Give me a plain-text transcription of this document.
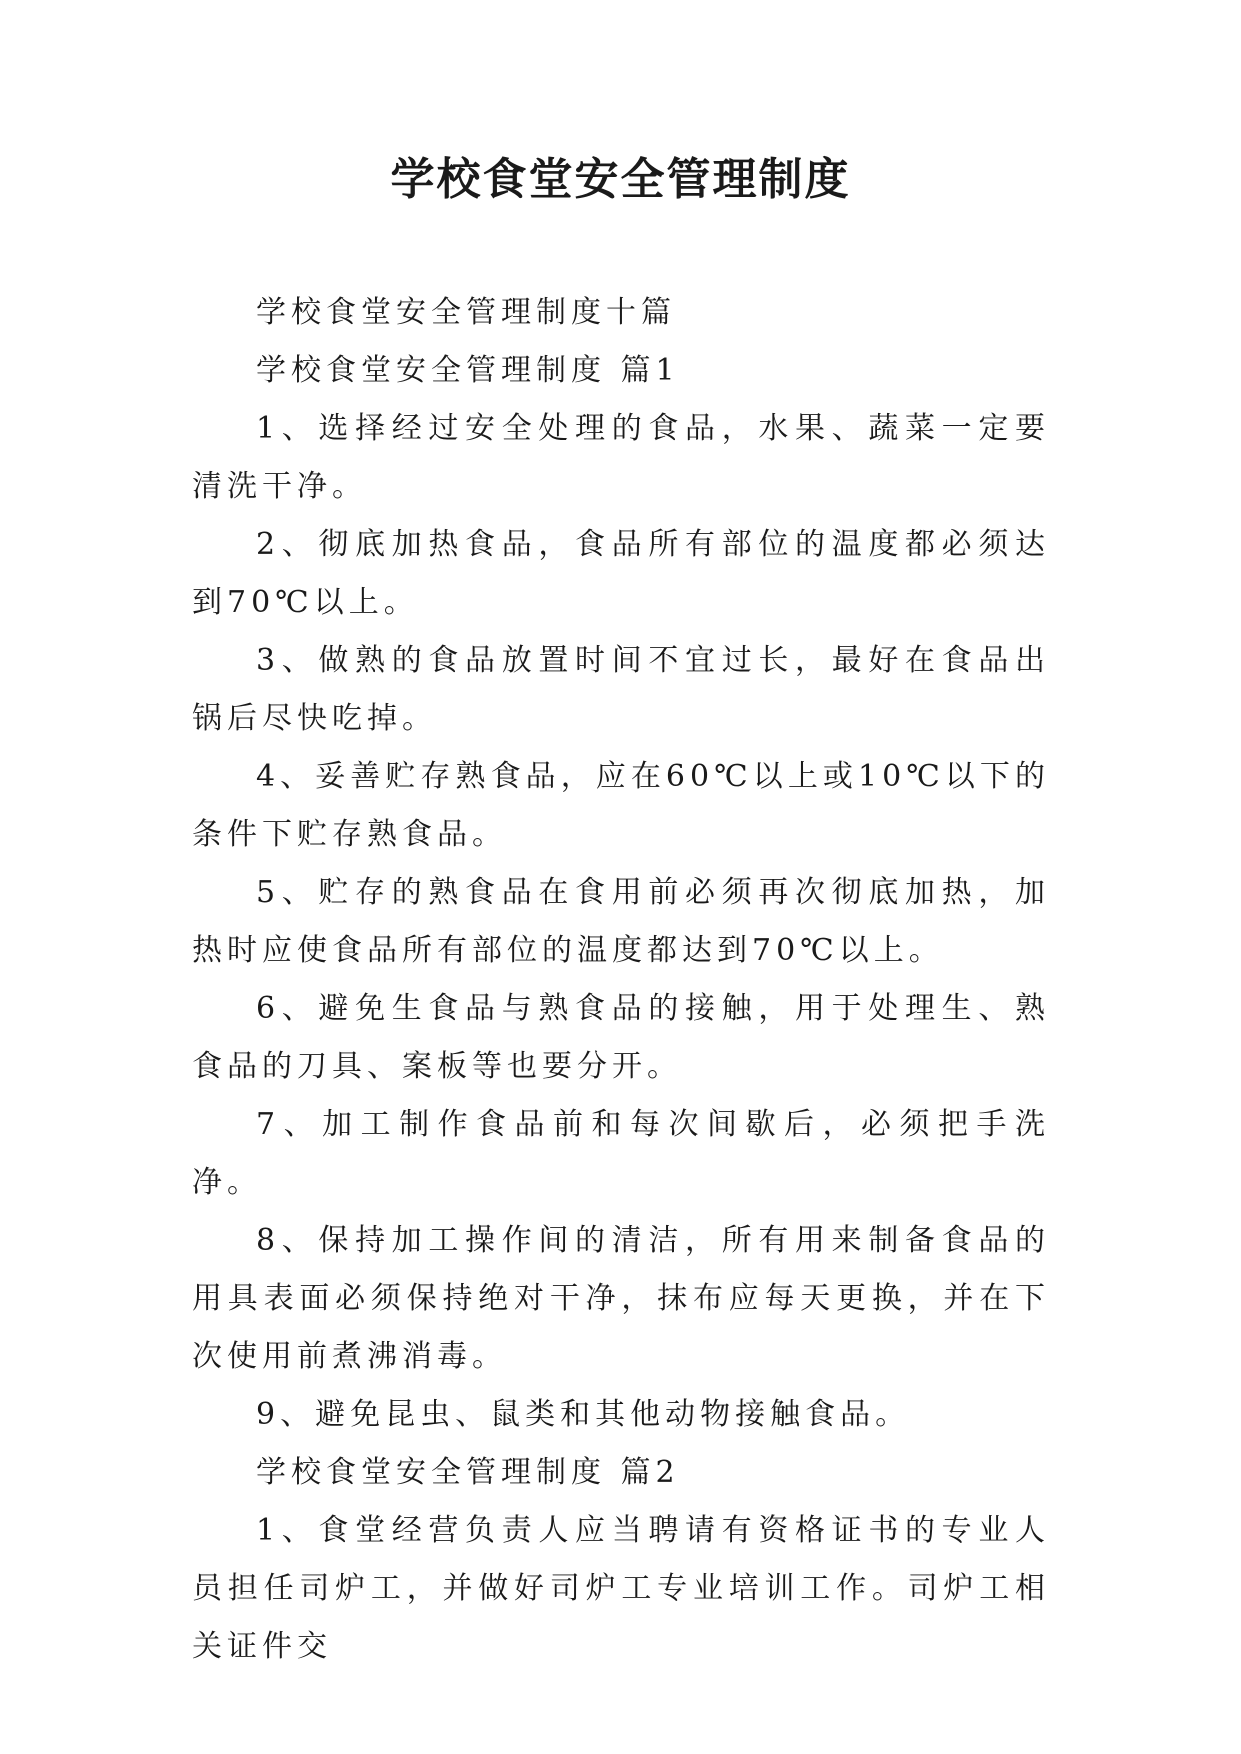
学校食堂安全管理制度

学校食堂安全管理制度十篇

学校食堂安全管理制度 篇1

1、选择经过安全处理的食品，水果、蔬菜一定要清洗干净。

2、彻底加热食品，食品所有部位的温度都必须达到70℃以上。

3、做熟的食品放置时间不宜过长，最好在食品出锅后尽快吃掉。

4、妥善贮存熟食品，应在60℃以上或10℃以下的条件下贮存熟食品。

5、贮存的熟食品在食用前必须再次彻底加热，加热时应使食品所有部位的温度都达到70℃以上。

6、避免生食品与熟食品的接触，用于处理生、熟食品的刀具、案板等也要分开。

7、加工制作食品前和每次间歇后，必须把手洗净。

8、保持加工操作间的清洁，所有用来制备食品的用具表面必须保持绝对干净，抹布应每天更换，并在下次使用前煮沸消毒。

9、避免昆虫、鼠类和其他动物接触食品。

学校食堂安全管理制度 篇2

1、食堂经营负责人应当聘请有资格证书的专业人员担任司炉工，并做好司炉工专业培训工作。司炉工相关证件交
